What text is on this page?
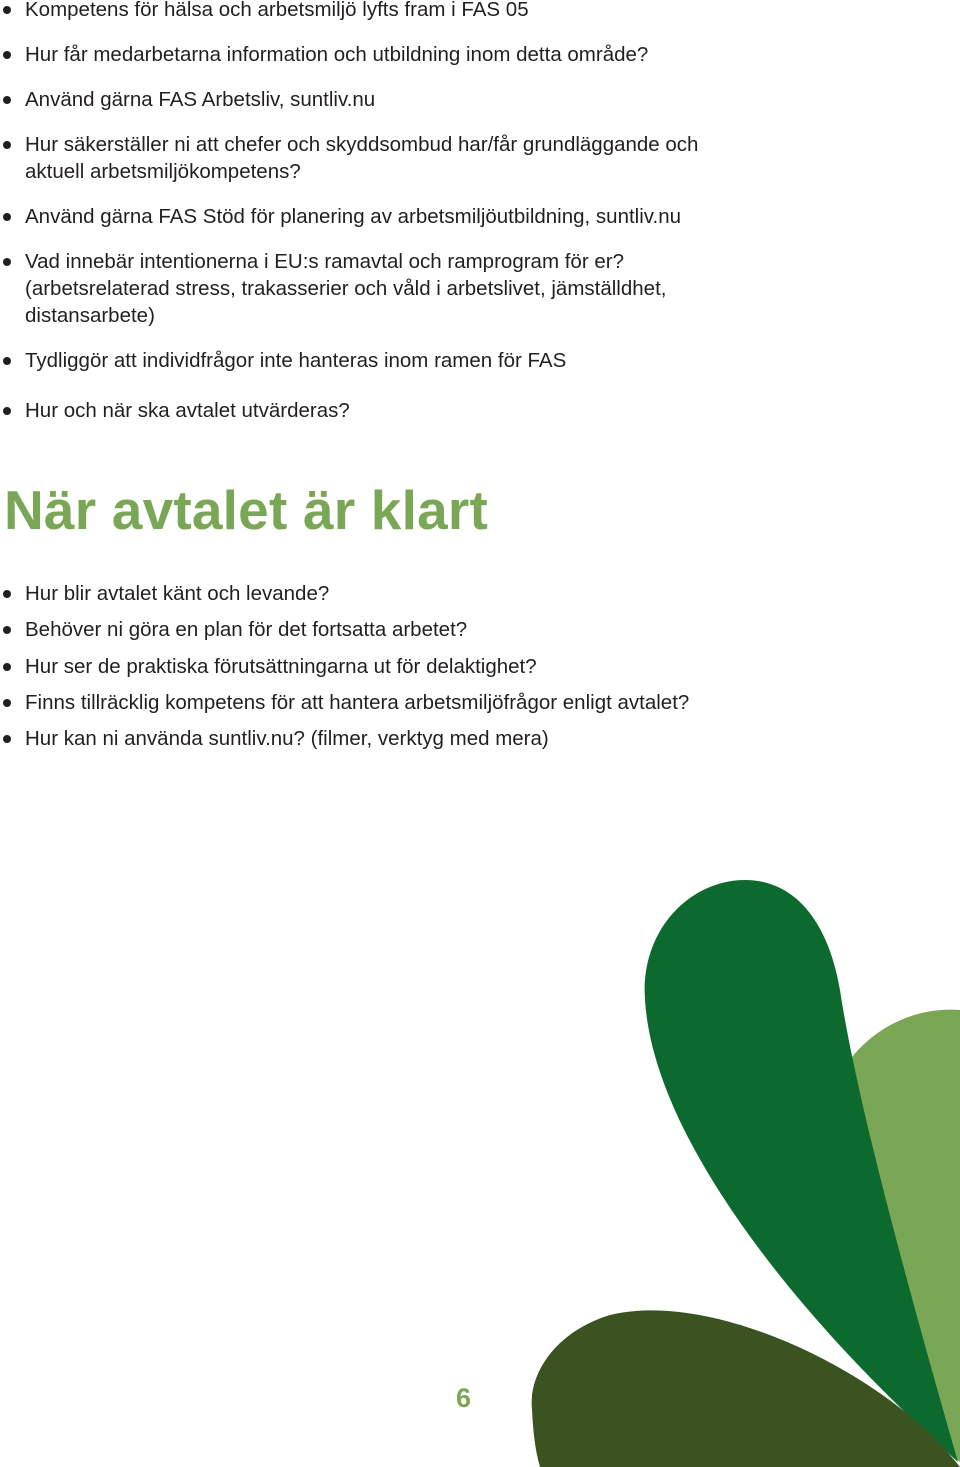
Kompetens för hälsa och arbetsmiljö lyfts fram i FAS 05
Hur får medarbetarna information och utbildning inom detta område?
Använd gärna FAS Arbetsliv, suntliv.nu
Hur säkerställer ni att chefer och skyddsombud har/får grundläggande och aktuell arbetsmiljökompetens?
Använd gärna FAS Stöd för planering av arbetsmiljöutbildning, suntliv.nu
Vad innebär intentionerna i EU:s ramavtal och ramprogram för er? (arbetsrelaterad stress, trakasserier och våld i arbetslivet, jämställdhet, distansarbete)
Tydliggör att individfrågor inte hanteras inom ramen för FAS
Hur och när ska avtalet utvärderas?
När avtalet är klart
Hur blir avtalet känt och levande?
Behöver ni göra en plan för det fortsatta arbetet?
Hur ser de praktiska förutsättningarna ut för delaktighet?
Finns tillräcklig kompetens för att hantera arbetsmiljöfrågor enligt avtalet?
Hur kan ni använda suntliv.nu? (filmer, verktyg med mera)
6
